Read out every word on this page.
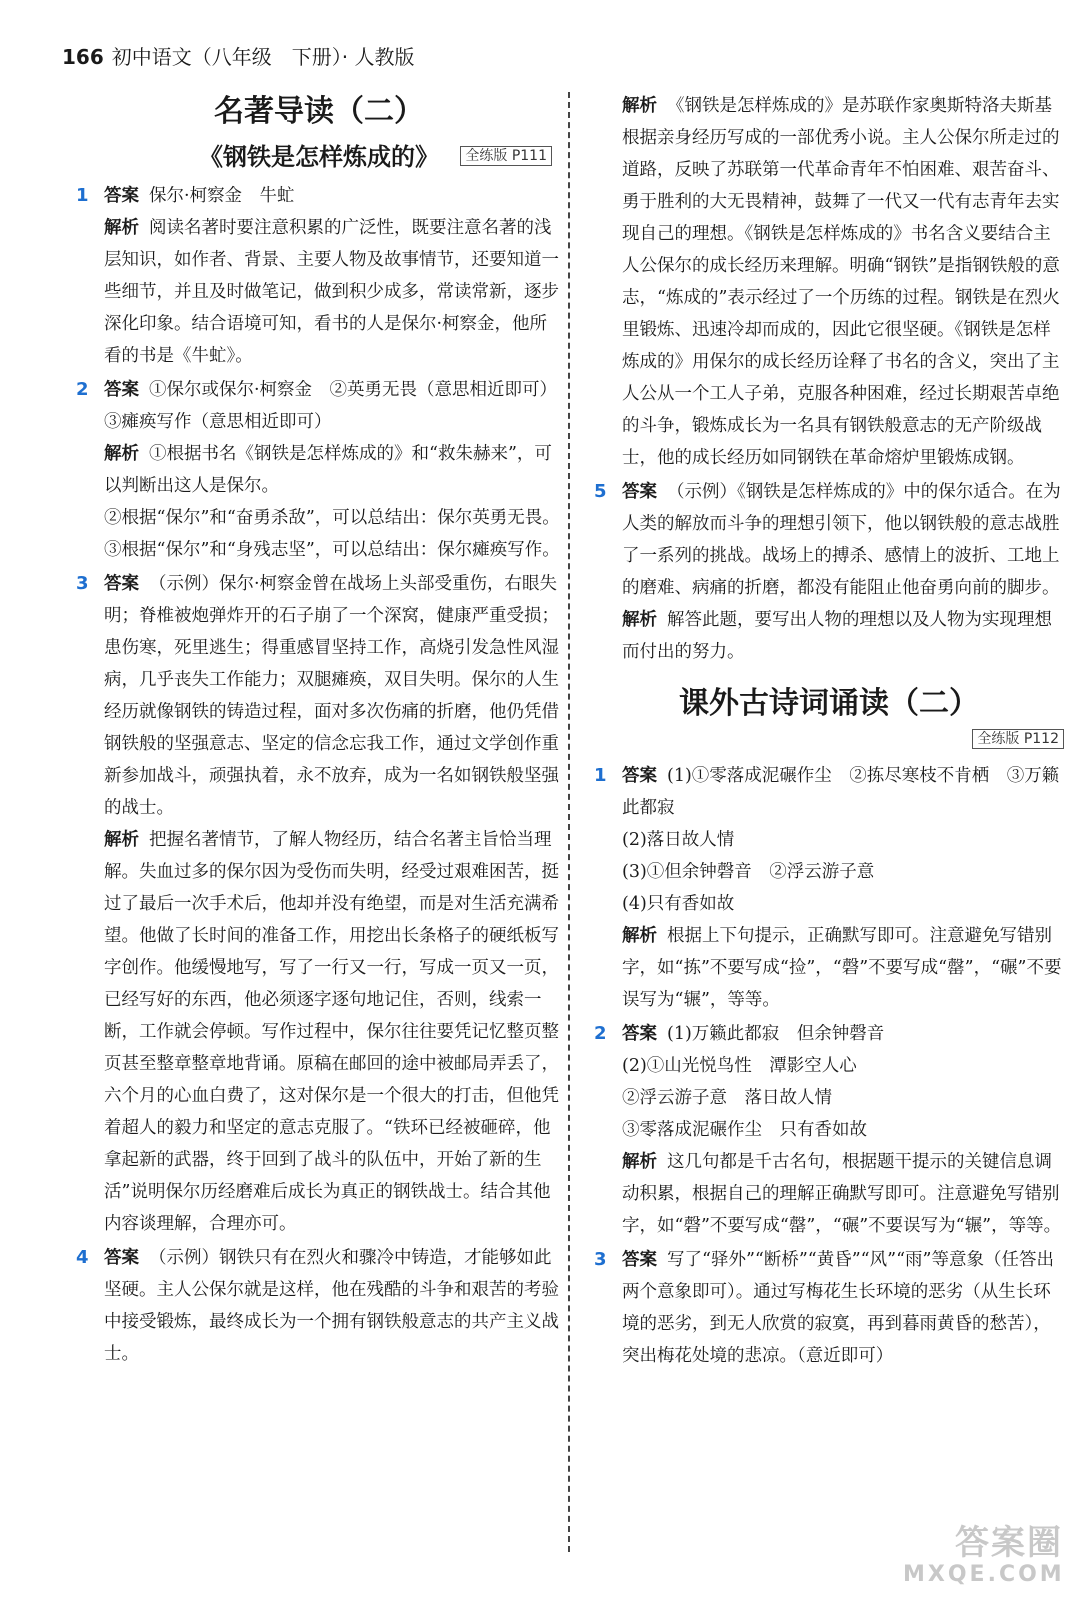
166 初中语文（八年级　下册）· 人教版
名著导读（二）
《钢铁是怎样炼成的》	全练版 P111
1 答案 保尔·柯察金　牛虻

解析 阅读名著时要注意积累的广泛性，既要注意名著的浅层知识，如作者、背景、主要人物及故事情节，还要知道一些细节，并且及时做笔记，做到积少成多，常读常新，逐步深化印象。结合语境可知，看书的人是保尔·柯察金，他所看的书是《牛虻》。

2 答案 ①保尔或保尔·柯察金　②英勇无畏（意思相近即可）　③瘫痪写作（意思相近即可）

解析 ①根据书名《钢铁是怎样炼成的》和“救朱赫来”，可以判断出这人是保尔。

②根据“保尔”和“奋勇杀敌”，可以总结出：保尔英勇无畏。

③根据“保尔”和“身残志坚”，可以总结出：保尔瘫痪写作。

3 答案 （示例）保尔·柯察金曾在战场上头部受重伤，右眼失明；脊椎被炮弹炸开的石子崩了一个深窝，健康严重受损；患伤寒，死里逃生；得重感冒坚持工作，高烧引发急性风湿病，几乎丧失工作能力；双腿瘫痪，双目失明。保尔的人生经历就像钢铁的铸造过程，面对多次伤痛的折磨，他仍凭借钢铁般的坚强意志、坚定的信念忘我工作，通过文学创作重新参加战斗，顽强执着，永不放弃，成为一名如钢铁般坚强的战士。

解析 把握名著情节，了解人物经历，结合名著主旨恰当理解。失血过多的保尔因为受伤而失明，经受过艰难困苦，挺过了最后一次手术后，他却并没有绝望，而是对生活充满希望。他做了长时间的准备工作，用挖出长条格子的硬纸板写字创作。他缓慢地写，写了一行又一行，写成一页又一页，已经写好的东西，他必须逐字逐句地记住，否则，线索一断，工作就会停顿。写作过程中，保尔往往要凭记忆整页整页甚至整章整章地背诵。原稿在邮回的途中被邮局弄丢了，六个月的心血白费了，这对保尔是一个很大的打击，但他凭着超人的毅力和坚定的意志克服了。“铁环已经被砸碎，他拿起新的武器，终于回到了战斗的队伍中，开始了新的生活”说明保尔历经磨难后成长为真正的钢铁战士。结合其他内容谈理解，合理亦可。

4 答案 （示例）钢铁只有在烈火和骤冷中铸造，才能够如此坚硬。主人公保尔就是这样，他在残酷的斗争和艰苦的考验中接受锻炼，最终成长为一个拥有钢铁般意志的共产主义战士。

解析 《钢铁是怎样炼成的》是苏联作家奥斯特洛夫斯基根据亲身经历写成的一部优秀小说。主人公保尔所走过的道路，反映了苏联第一代革命青年不怕困难、艰苦奋斗、勇于胜利的大无畏精神，鼓舞了一代又一代有志青年去实现自己的理想。《钢铁是怎样炼成的》书名含义要结合主人公保尔的成长经历来理解。明确“钢铁”是指钢铁般的意志，“炼成的”表示经过了一个历练的过程。钢铁是在烈火里锻炼、迅速冷却而成的，因此它很坚硬。《钢铁是怎样炼成的》用保尔的成长经历诠释了书名的含义，突出了主人公从一个工人子弟，克服各种困难，经过长期艰苦卓绝的斗争，锻炼成长为一名具有钢铁般意志的无产阶级战士，他的成长经历如同钢铁在革命熔炉里锻炼成钢。

5 答案 （示例）《钢铁是怎样炼成的》中的保尔适合。在为人类的解放而斗争的理想引领下，他以钢铁般的意志战胜了一系列的挑战。战场上的搏杀、感情上的波折、工地上的磨难、病痛的折磨，都没有能阻止他奋勇向前的脚步。

解析 解答此题，要写出人物的理想以及人物为实现理想而付出的努力。

课外古诗词诵读（二）
全练版 P112
1 答案 (1)①零落成泥碾作尘　②拣尽寒枝不肯栖　③万籁此都寂

(2)落日故人情

(3)①但余钟磬音　②浮云游子意

(4)只有香如故

解析 根据上下句提示，正确默写即可。注意避免写错别字，如“拣”不要写成“捡”，“磬”不要写成“罄”，“碾”不要误写为“辗”，等等。

2 答案 (1)万籁此都寂　但余钟磬音

(2)①山光悦鸟性　潭影空人心

②浮云游子意　落日故人情

③零落成泥碾作尘　只有香如故

解析 这几句都是千古名句，根据题干提示的关键信息调动积累，根据自己的理解正确默写即可。注意避免写错别字，如“磬”不要写成“罄”，“碾”不要误写为“辗”，等等。

3 答案 写了“驿外”“断桥”“黄昏”“风”“雨”等意象（任答出两个意象即可）。通过写梅花生长环境的恶劣（从生长环境的恶劣，到无人欣赏的寂寞，再到暮雨黄昏的愁苦），突出梅花处境的悲凉。（意近即可）

答案圈
MXQE.COM
